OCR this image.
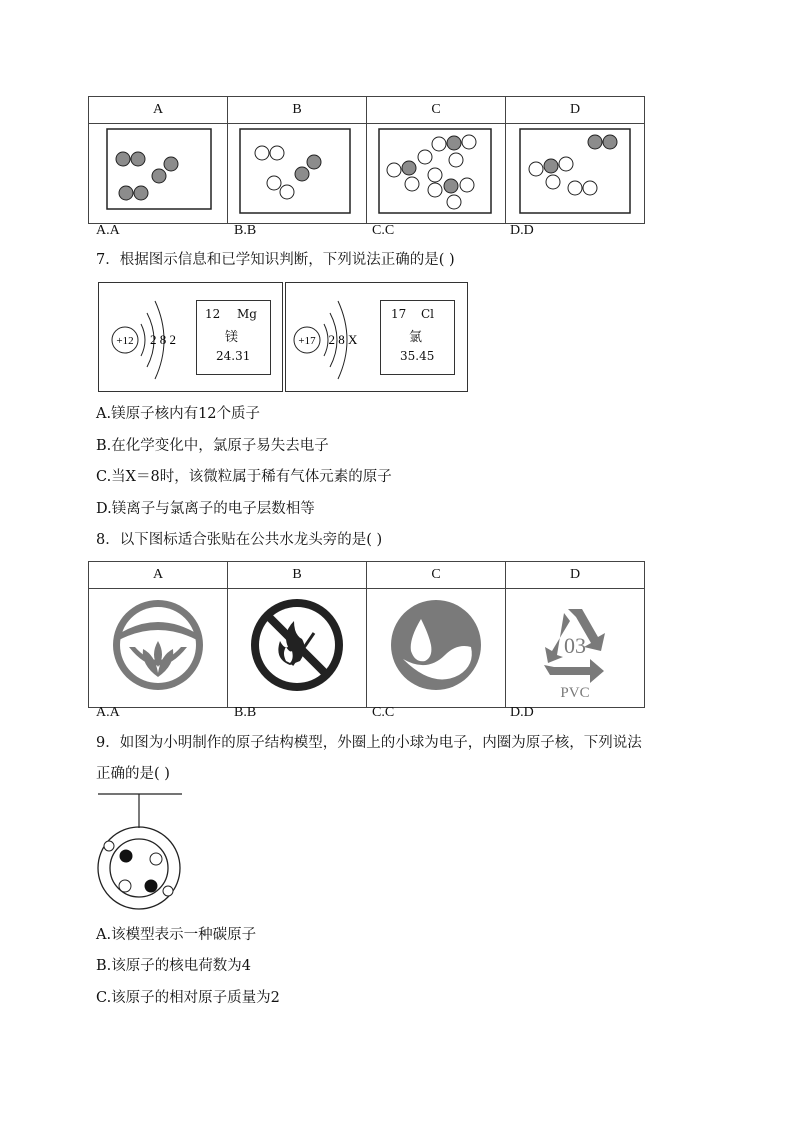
A	B	C	D

A.A	B.B	C.C	D.D
7．根据图示信息和已学知识判断，下列说法正确的是( )
+12 2 8 2
12 Mg
镁
24.31
+17 2 8 X
17 Cl
氯
35.45
A.镁原子核内有12个质子
B.在化学变化中，氯原子易失去电子
C.当X＝8时，该微粒属于稀有气体元素的原子
D.镁离子与氯离子的电子层数相等
8．以下图标适合张贴在公共水龙头旁的是( )
A	B	C	D

03
PVC
A.A	B.B	C.C	D.D
9．如图为小明制作的原子结构模型，外圈上的小球为电子，内圈为原子核，下列说法
正确的是( )
A.该模型表示一种碳原子
B.该原子的核电荷数为4
C.该原子的相对原子质量为2
